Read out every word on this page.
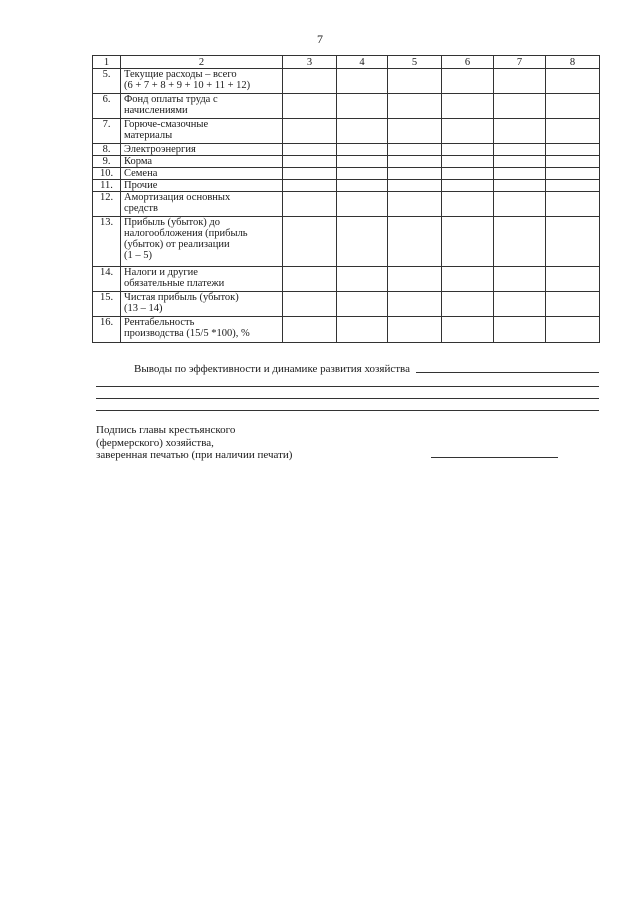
7
1	2	3	4	5	6	7	8
5.	Текущие расходы – всего
(6 + 7 + 8 + 9 + 10 + 11 + 12)						

6.	Фонд оплаты труда с
начислениями						

7.	Горюче-смазочные
материалы						

8.	Электроэнергия						

9.	Корма						

10.	Семена						

11.	Прочие						

12.	Амортизация основных
средств						

13.	Прибыль (убыток) до
налогообложения (прибыль
(убыток) от реализации
(1 – 5)						

14.	Налоги и другие
обязательные платежи						

15.	Чистая прибыль (убыток)
(13 – 14)						

16.	Рентабельность
производства (15/5 *100), %						

Выводы по эффективности и динамике развития хозяйства
Подпись главы крестьянского
(фермерского) хозяйства,
заверенная печатью (при наличии печати)
